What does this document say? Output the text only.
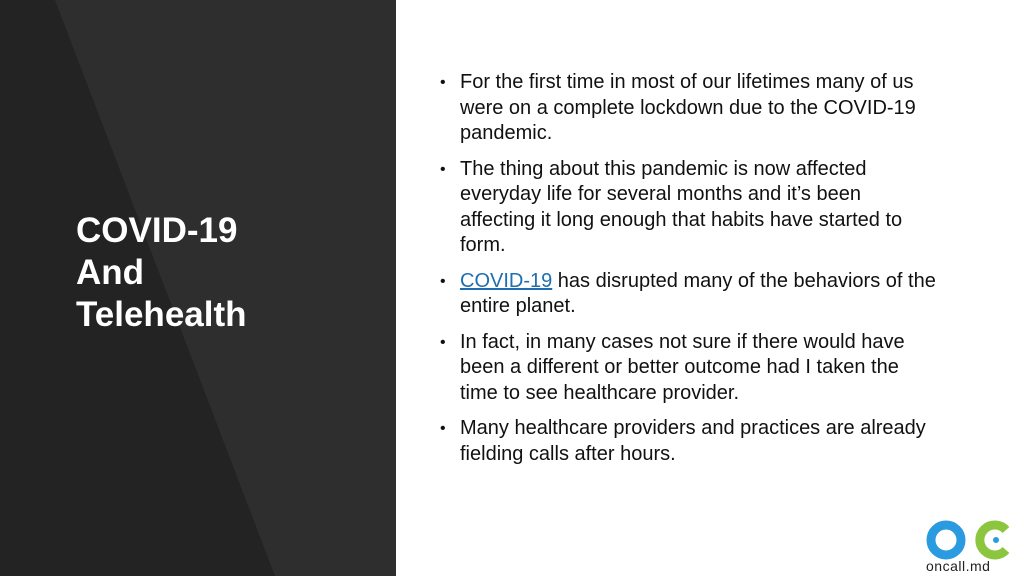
COVID-19
And
Telehealth
• For the first time in most of our lifetimes many of us were on a complete lockdown due to the COVID-19 pandemic.
• The thing about this pandemic is now affected everyday life for several months and it’s been affecting it long enough that habits have started to form.
• COVID-19 has disrupted many of the behaviors of the entire planet.
• In fact, in many cases not sure if there would have been a different or better outcome had I taken the time to see healthcare provider.
• Many healthcare providers and practices are already fielding calls after hours.
oncall.md
